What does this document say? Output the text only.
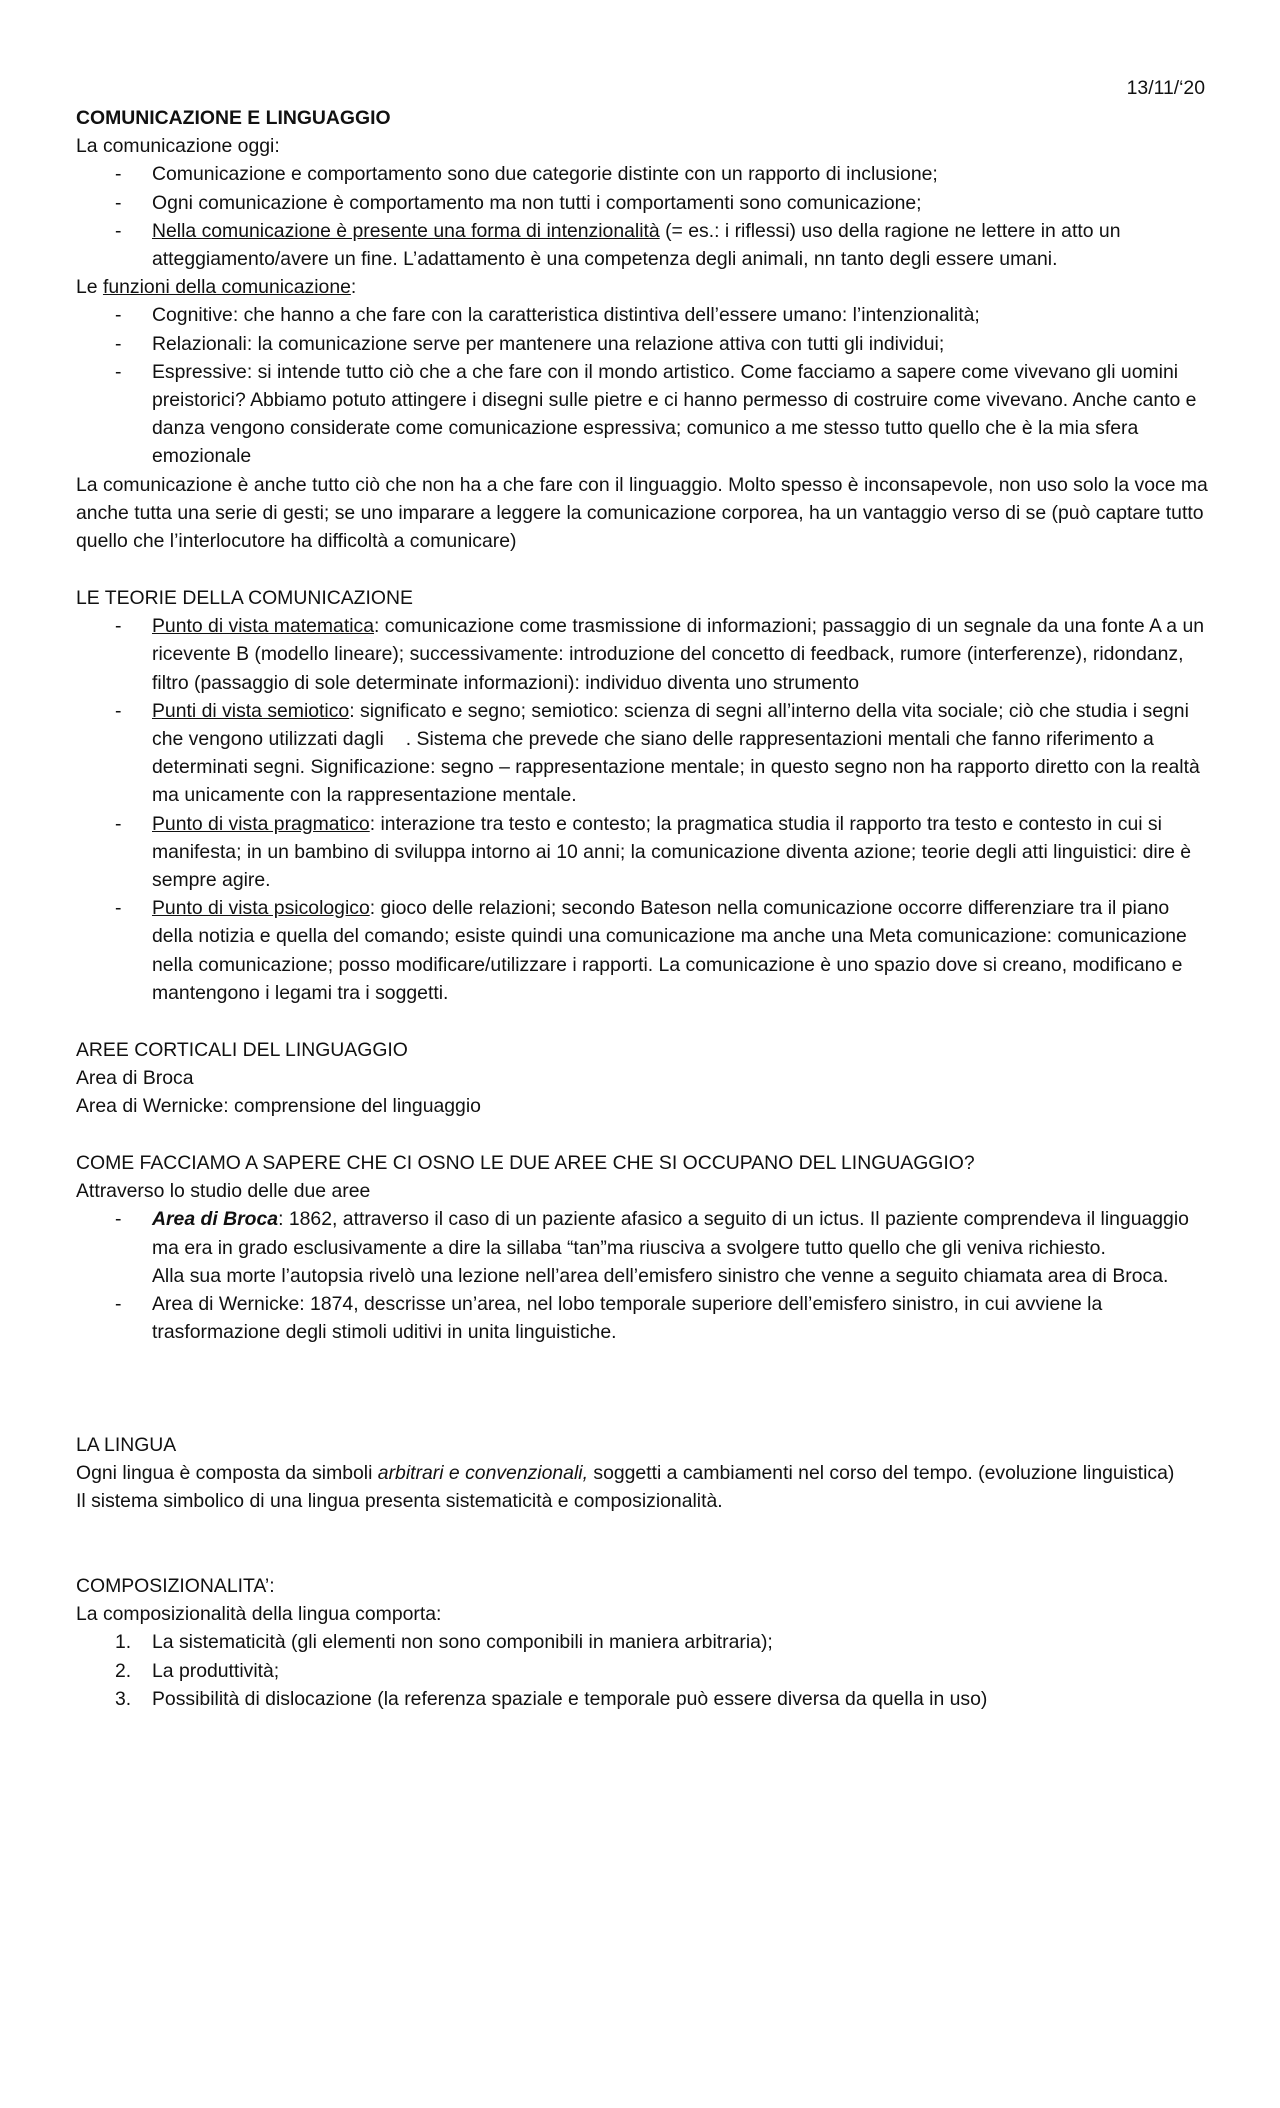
13/11/‘20

COMUNICAZIONE E LINGUAGGIO

La comunicazione oggi:

- Comunicazione e comportamento sono due categorie distinte con un rapporto di inclusione;
- Ogni comunicazione è comportamento ma non tutti i comportamenti sono comunicazione;
- Nella comunicazione è presente una forma di intenzionalità (= es.: i riflessi) uso della ragione ne lettere in atto un atteggiamento/avere un fine. L’adattamento è una competenza degli animali, nn tanto degli essere umani.

Le funzioni della comunicazione:

- Cognitive: che hanno a che fare con la caratteristica distintiva dell’essere umano: l’intenzionalità;
- Relazionali: la comunicazione serve per mantenere una relazione attiva con tutti gli individui;
- Espressive: si intende tutto ciò che a che fare con il mondo artistico. Come facciamo a sapere come vivevano gli uomini preistorici? Abbiamo potuto attingere i disegni sulle pietre e ci hanno permesso di costruire come vivevano. Anche canto e danza vengono considerate come comunicazione espressiva; comunico a me stesso tutto quello che è la mia sfera emozionale

La comunicazione è anche tutto ciò che non ha a che fare con il linguaggio. Molto spesso è inconsapevole, non uso solo la voce ma anche tutta una serie di gesti; se uno imparare a leggere la comunicazione corporea, ha un vantaggio verso di se (può captare tutto quello che l’interlocutore ha difficoltà a comunicare)

LE TEORIE DELLA COMUNICAZIONE

- Punto di vista matematica: comunicazione come trasmissione di informazioni; passaggio di un segnale da una fonte A a un ricevente B (modello lineare); successivamente: introduzione del concetto di feedback, rumore (interferenze), ridondanz, filtro (passaggio di sole determinate informazioni): individuo diventa uno strumento
- Punti di vista semiotico: significato e segno; semiotico: scienza di segni all’interno della vita sociale; ciò che studia i segni che vengono utilizzati dagli . Sistema che prevede che siano delle rappresentazioni mentali che fanno riferimento a determinati segni. Significazione: segno – rappresentazione mentale; in questo segno non ha rapporto diretto con la realtà ma unicamente con la rappresentazione mentale.
- Punto di vista pragmatico: interazione tra testo e contesto; la pragmatica studia il rapporto tra testo e contesto in cui si manifesta; in un bambino di sviluppa intorno ai 10 anni; la comunicazione diventa azione; teorie degli atti linguistici: dire è sempre agire.
- Punto di vista psicologico: gioco delle relazioni; secondo Bateson nella comunicazione occorre differenziare tra il piano della notizia e quella del comando; esiste quindi una comunicazione ma anche una Meta comunicazione: comunicazione nella comunicazione; posso modificare/utilizzare i rapporti. La comunicazione è uno spazio dove si creano, modificano e mantengono i legami tra i soggetti.

AREE CORTICALI DEL LINGUAGGIO

Area di Broca

Area di Wernicke: comprensione del linguaggio

COME FACCIAMO A SAPERE CHE CI OSNO LE DUE AREE CHE SI OCCUPANO DEL LINGUAGGIO?

Attraverso lo studio delle due aree

- Area di Broca: 1862, attraverso il caso di un paziente afasico a seguito di un ictus. Il paziente comprendeva il linguaggio ma era in grado esclusivamente a dire la sillaba “tan”ma riusciva a svolgere tutto quello che gli veniva richiesto.
Alla sua morte l’autopsia rivelò una lezione nell’area dell’emisfero sinistro che venne a seguito chiamata area di Broca.
- Area di Wernicke: 1874, descrisse un’area, nel lobo temporale superiore dell’emisfero sinistro, in cui avviene la trasformazione degli stimoli uditivi in unita linguistiche.

LA LINGUA

Ogni lingua è composta da simboli arbitrari e convenzionali, soggetti a cambiamenti nel corso del tempo. (evoluzione linguistica)

Il sistema simbolico di una lingua presenta sistematicità e composizionalità.

COMPOSIZIONALITA’:

La composizionalità della lingua comporta:

1. La sistematicità (gli elementi non sono componibili in maniera arbitraria);
2. La produttività;
3. Possibilità di dislocazione (la referenza spaziale e temporale può essere diversa da quella in uso)
